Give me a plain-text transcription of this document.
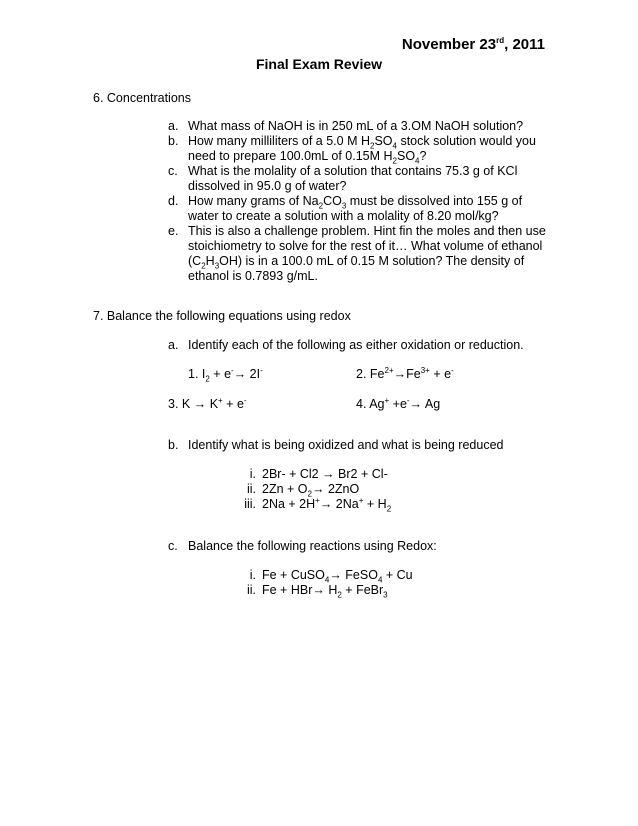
November 23rd, 2011
Final Exam Review
6. Concentrations
a. What mass of NaOH is in 250 mL of a 3.OM NaOH solution?
b. How many milliliters of a 5.0 M $H_2SO_4$ stock solution would you need to prepare 100.0mL of 0.15M $H_2SO_4$?
c. What is the molality of a solution that contains 75.3 g of KCl dissolved in 95.0 g of water?
d. How many grams of $Na_2CO_3$ must be dissolved into 155 g of water to create a solution with a molality of 8.20 mol/kg?
e. This is also a challenge problem. Hint fin the moles and then use stoichiometry to solve for the rest of it… What volume of ethanol $(C_2H_3OH)$ is in a 100.0 mL of 0.15 M solution? The density of ethanol is 0.7893 g/mL.
7. Balance the following equations using redox
a. Identify each of the following as either oxidation or reduction.
1. $I_2 + e^-\to 2I^-$	2. $Fe^{2+}\to Fe^{3+} + e^-$
3. K → K+ + e-	4. Ag+ +e-→ Ag
b. Identify what is being oxidized and what is being reduced
i. 2Br- + Cl2 → Br2 + Cl-
ii. $2Zn + O_2\to 2ZnO$
iii. $2Na + 2H^+\to 2Na^+ + H_2$
c. Balance the following reactions using Redox:
i. Fe + CuSO$_4$→ FeSO$_4$ + Cu
ii. $Fe + HBr\to H_2$ + FeBr$_3$
